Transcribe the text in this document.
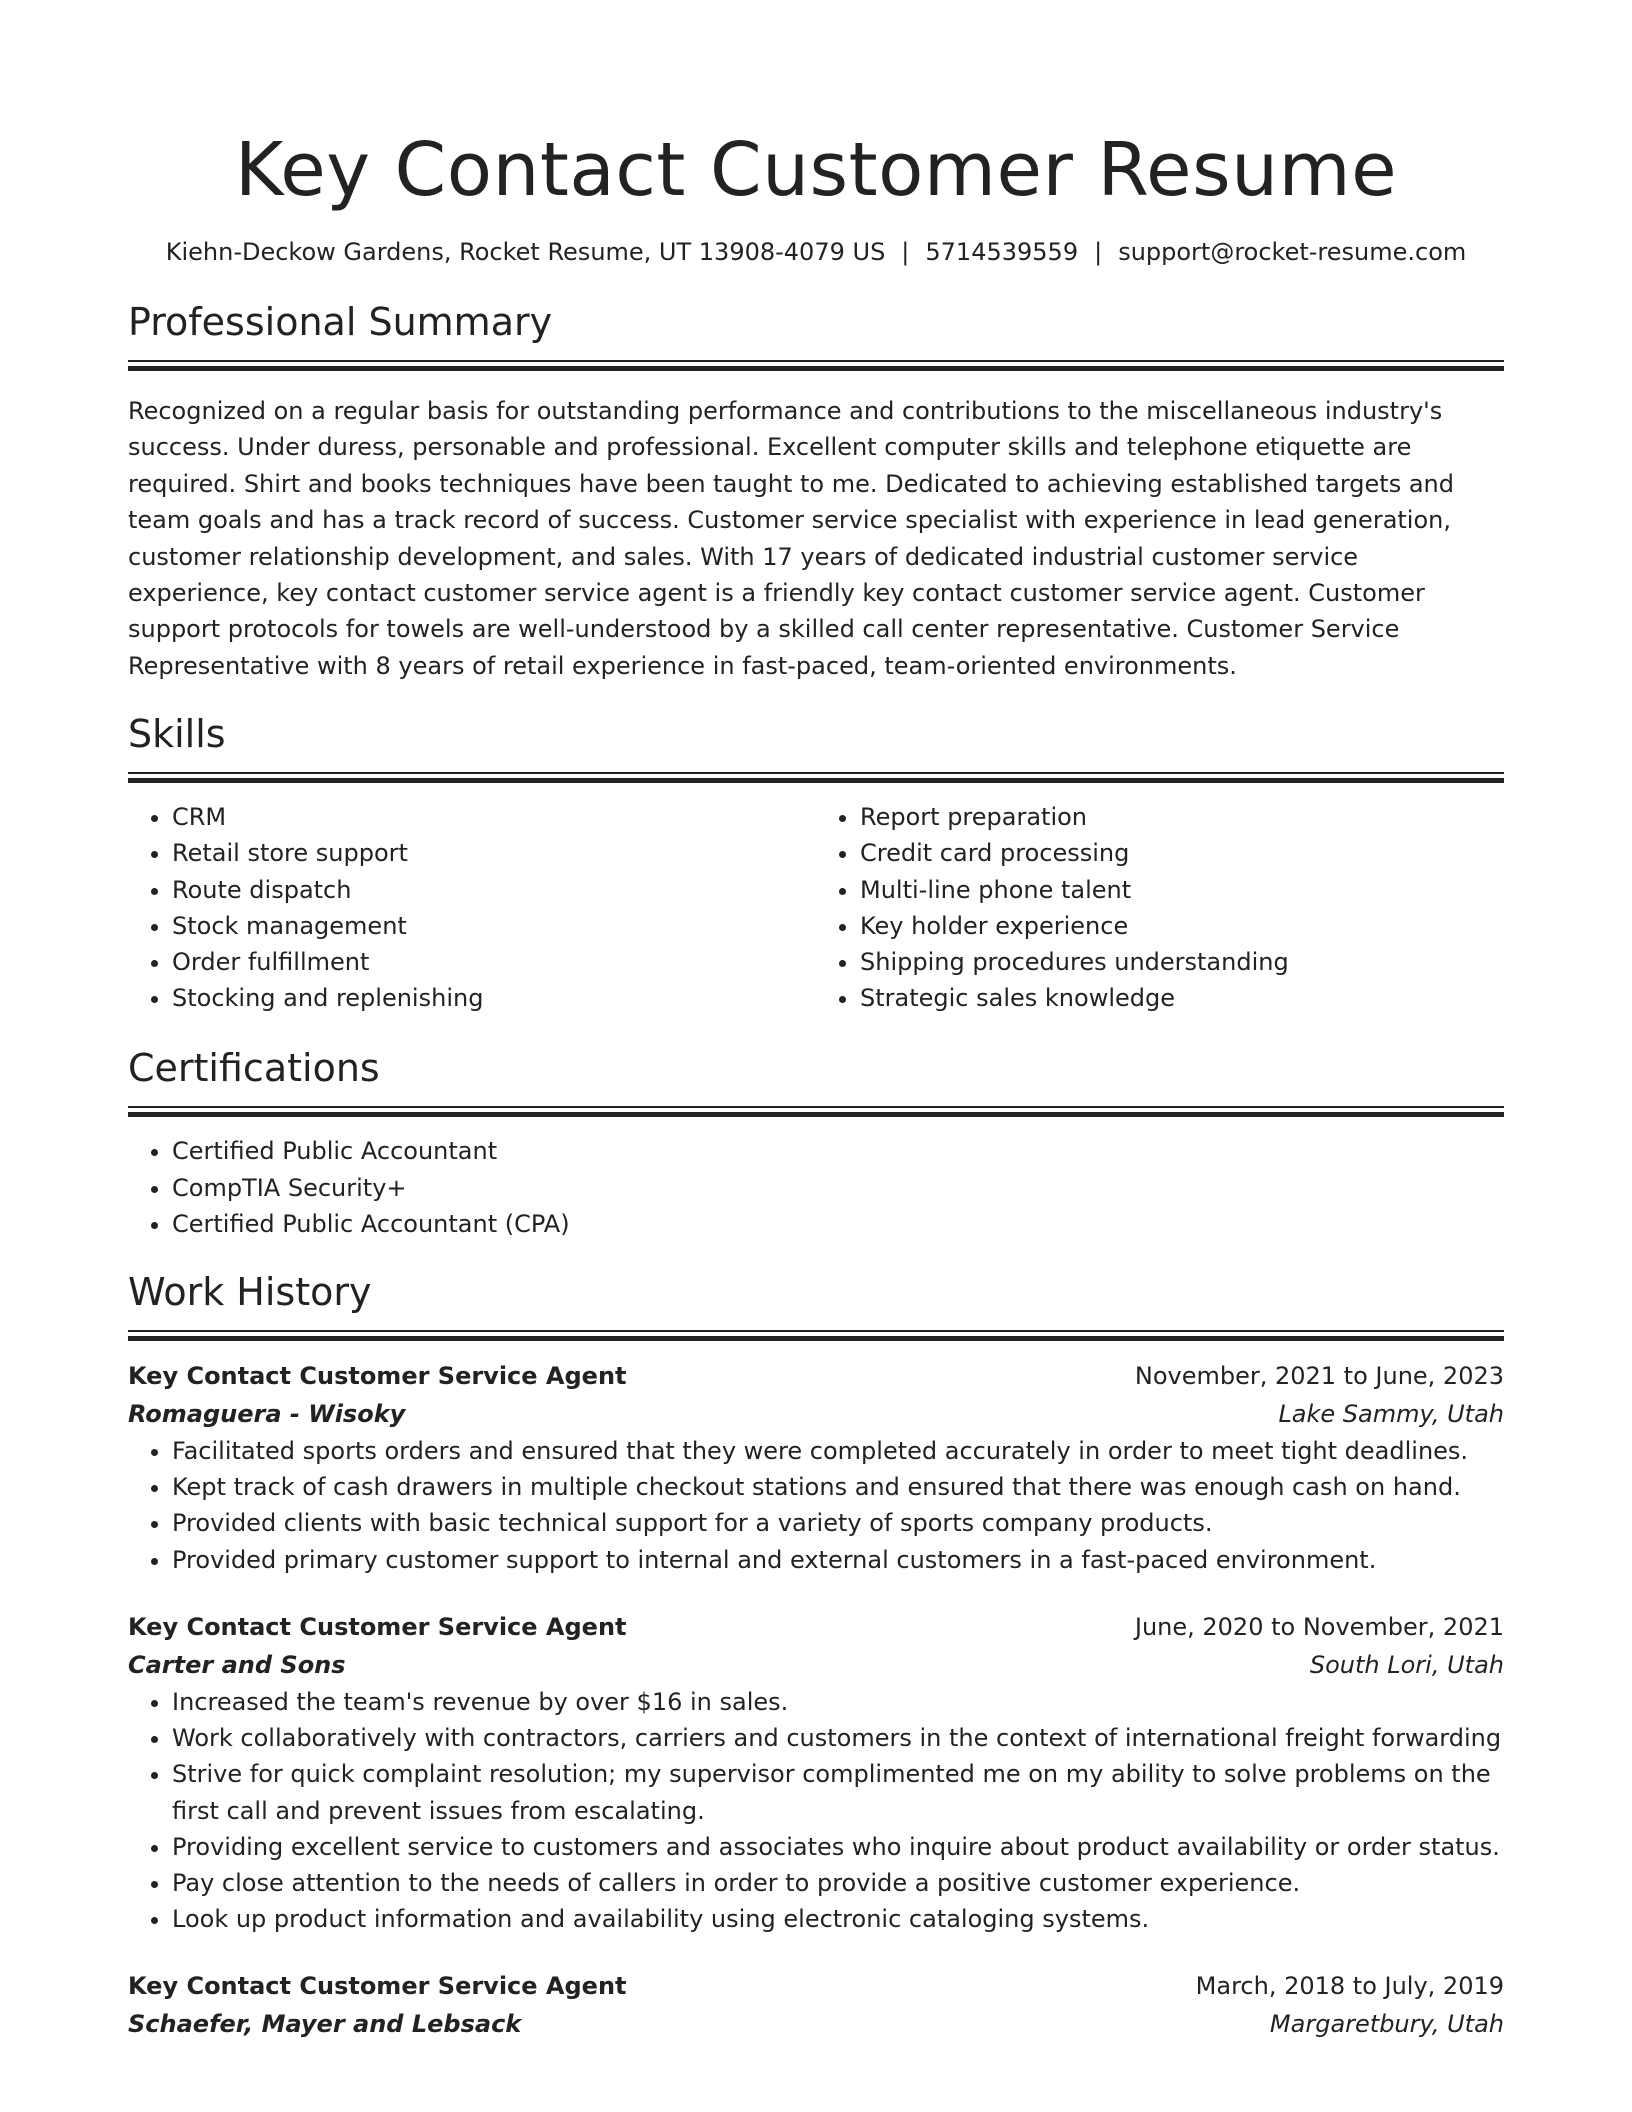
Key Contact Customer Resume
Kiehn-Deckow Gardens, Rocket Resume, UT 13908-4079 US | 5714539559 | support@rocket-resume.com
Professional Summary

Recognized on a regular basis for outstanding performance and contributions to the miscellaneous industry's success. Under duress, personable and professional. Excellent computer skills and telephone etiquette are required. Shirt and books techniques have been taught to me. Dedicated to achieving established targets and team goals and has a track record of success. Customer service specialist with experience in lead generation, customer relationship development, and sales. With 17 years of dedicated industrial customer service experience, key contact customer service agent is a friendly key contact customer service agent. Customer support protocols for towels are well-understood by a skilled call center representative. Customer Service Representative with 8 years of retail experience in fast-paced, team-oriented environments.

Skills
• CRM
• Retail store support
• Route dispatch
• Stock management
• Order fulfillment
• Stocking and replenishing
• Report preparation
• Credit card processing
• Multi-line phone talent
• Key holder experience
• Shipping procedures understanding
• Strategic sales knowledge
Certifications
• Certified Public Accountant
• CompTIA Security+
• Certified Public Accountant (CPA)
Work History
Key Contact Customer Service Agent	November, 2021 to June, 2023
Romaguera - Wisoky	Lake Sammy, Utah
• Facilitated sports orders and ensured that they were completed accurately in order to meet tight deadlines.
• Kept track of cash drawers in multiple checkout stations and ensured that there was enough cash on hand.
• Provided clients with basic technical support for a variety of sports company products.
• Provided primary customer support to internal and external customers in a fast-paced environment.
Key Contact Customer Service Agent	June, 2020 to November, 2021
Carter and Sons	South Lori, Utah
• Increased the team's revenue by over $16 in sales.
• Work collaboratively with contractors, carriers and customers in the context of international freight forwarding
• Strive for quick complaint resolution; my supervisor complimented me on my ability to solve problems on the first call and prevent issues from escalating.
• Providing excellent service to customers and associates who inquire about product availability or order status.
• Pay close attention to the needs of callers in order to provide a positive customer experience.
• Look up product information and availability using electronic cataloging systems.
Key Contact Customer Service Agent	March, 2018 to July, 2019
Schaefer, Mayer and Lebsack	Margaretbury, Utah
